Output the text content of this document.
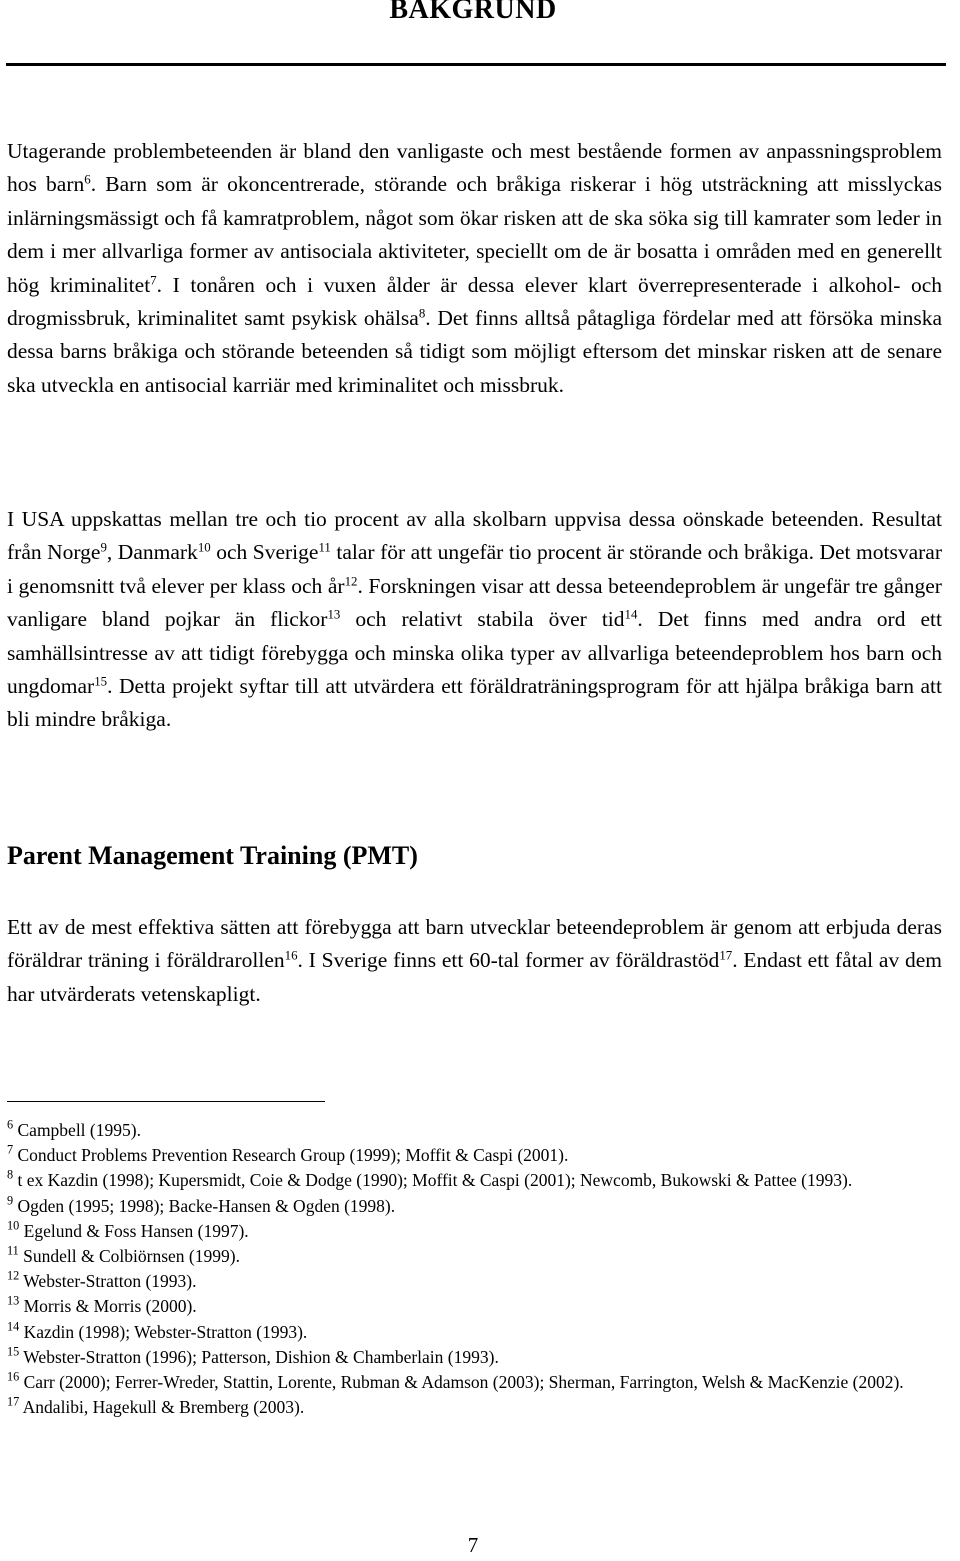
BAKGRUND

Utagerande problembeteenden är bland den vanligaste och mest bestående formen av anpassningsproblem hos barn$^6$. Barn som är okoncentrerade, störande och bråkiga riskerar i hög utsträckning att misslyckas inlärningsmässigt och få kamratproblem, något som ökar risken att de ska söka sig till kamrater som leder in dem i mer allvarliga former av antisociala aktiviteter, speciellt om de är bosatta i områden med en generellt hög kriminalitet$^7$. I tonåren och i vuxen ålder är dessa elever klart överrepresenterade i alkohol- och drogmissbruk, kriminalitet samt psykisk ohälsa$^8$. Det finns alltså påtagliga fördelar med att försöka minska dessa barns bråkiga och störande beteenden så tidigt som möjligt eftersom det minskar risken att de senare ska utveckla en antisocial karriär med kriminalitet och missbruk.

I USA uppskattas mellan tre och tio procent av alla skolbarn uppvisa dessa oönskade beteenden. Resultat från Norge$^9$, Danmark$^{10}$ och Sverige$^{11}$ talar för att ungefär tio procent är störande och bråkiga. Det motsvarar i genomsnitt två elever per klass och $år^{12}$. Forskningen visar att dessa beteendeproblem är ungefär tre gånger vanligare bland pojkar än flickor$^{13}$ och relativt stabila över tid$^{14}$. Det finns med andra ord ett samhällsintresse av att tidigt förebygga och minska olika typer av allvarliga beteendeproblem hos barn och ungdomar$^{15}$. Detta projekt syftar till att utvärdera ett föräldraträningsprogram för att hjälpa bråkiga barn att bli mindre bråkiga.

Parent Management Training (PMT)

Ett av de mest effektiva sätten att förebygga att barn utvecklar beteendeproblem är genom att erbjuda deras föräldrar träning i föräldrarollen$^{16}$. I Sverige finns ett 60-tal former av föräldrastöd$^{17}$. Endast ett fåtal av dem har utvärderats vetenskapligt.

$^6$ Campbell (1995).

$^7$ Conduct Problems Prevention Research Group (1999); Moffit & Caspi (2001).

$^8$ t ex Kazdin (1998); Kupersmidt, Coie & Dodge (1990); Moffit & Caspi (2001); Newcomb, Bukowski & Pattee (1993).

$^9$ Ogden (1995; 1998); Backe-Hansen & Ogden (1998).

$^{10}$ Egelund & Foss Hansen (1997).

$^{11}$ Sundell & Colbiörnsen (1999).

$^{12}$ Webster-Stratton (1993).

$^{13}$ Morris & Morris (2000).

$^{14}$ Kazdin (1998); Webster-Stratton (1993).

$^{15}$ Webster-Stratton (1996); Patterson, Dishion & Chamberlain (1993).

$^{16}$ Carr (2000); Ferrer-Wreder, Stattin, Lorente, Rubman & Adamson (2003); Sherman, Farrington, Welsh & MacKenzie (2002).

$^{17}$ Andalibi, Hagekull & Bremberg (2003).

7
